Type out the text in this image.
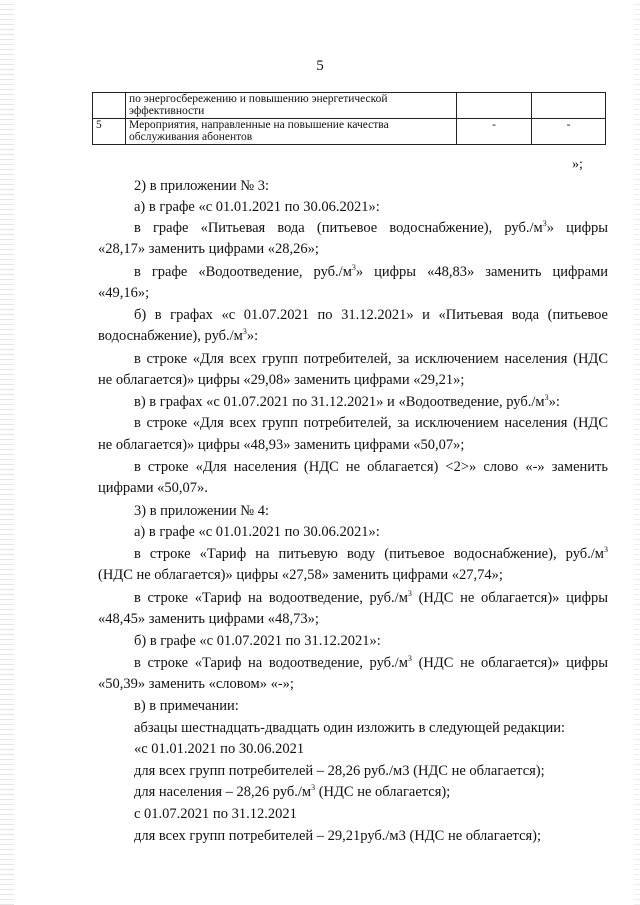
5

	по энергосбережению и повышению энергетической
эффективности		

5	Мероприятия, направленные на повышение качества
обслуживания абонентов	-	-
»;
2) в приложении № 3:
а) в графе «с 01.01.2021 по 30.06.2021»:
в графе «Питьевая вода (питьевое водоснабжение), $руб./м^3$» цифры
«28,17» заменить цифрами «28,26»;
в графе «Водоотведение, $руб./м^3$» цифры «48,83» заменить цифрами
«49,16»;
б) в графах «с 01.07.2021 по 31.12.2021» и «Питьевая вода (питьевое
водоснабжение), $руб./м^3$»:
в строке «Для всех групп потребителей, за исключением населения (НДС
не облагается)» цифры «29,08» заменить цифрами «29,21»;
в) в графах «с 01.07.2021 по 31.12.2021» и «Водоотведение, $руб./м^3$»:
в строке «Для всех групп потребителей, за исключением населения (НДС
не облагается)» цифры «48,93» заменить цифрами «50,07»;
в строке «Для населения (НДС не облагается) <2>» слово «-» заменить
цифрами «50,07».
3) в приложении № 4:
а) в графе «с 01.01.2021 по 30.06.2021»:
в строке «Тариф на питьевую воду (питьевое водоснабжение), $руб./м^3$
(НДС не облагается)» цифры «27,58» заменить цифрами «27,74»;
в строке «Тариф на водоотведение, $руб./м^3$ (НДС не облагается)» цифры
«48,45» заменить цифрами «48,73»;
б) в графе «с 01.07.2021 по 31.12.2021»:
в строке «Тариф на водоотведение, $руб./м^3$ (НДС не облагается)» цифры
«50,39» заменить «словом» «-»;
в) в примечании:
абзацы шестнадцать-двадцать один изложить в следующей редакции:
«с 01.01.2021 по 30.06.2021
для всех групп потребителей – 28,26 руб./м3 (НДС не облагается);
для населения – 28,26 $руб./м^3$ (НДС не облагается);
с 01.07.2021 по 31.12.2021
для всех групп потребителей – 29,21руб./м3 (НДС не облагается);
